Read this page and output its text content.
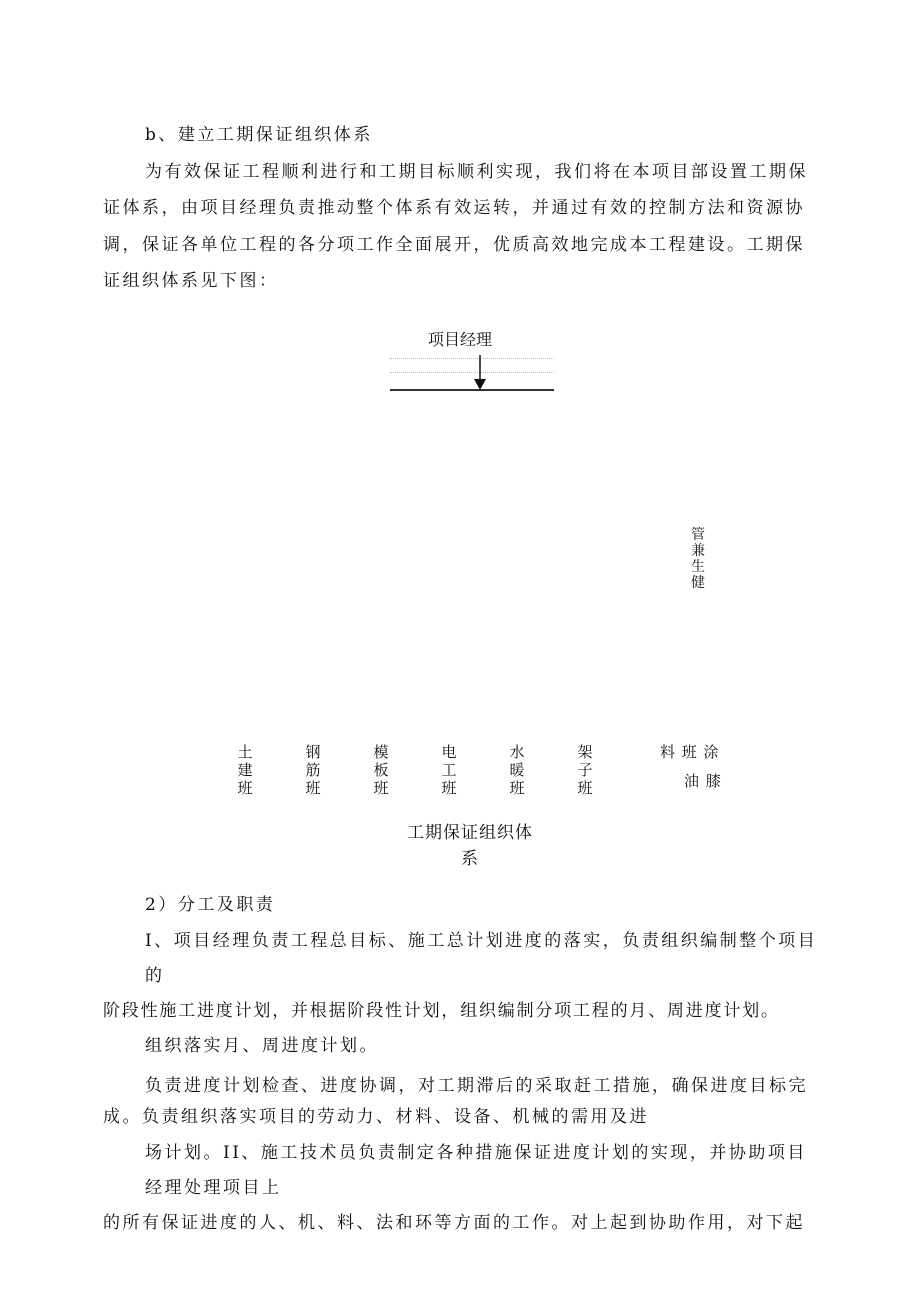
b、建立工期保证组织体系
为有效保证工程顺利进行和工期目标顺利实现，我们将在本项目部设置工期保
证体系，由项目经理负责推动整个体系有效运转，并通过有效的控制方法和资源协
调，保证各单位工程的各分项工作全面展开，优质高效地完成本工程建设。工期保
证组织体系见下图：
项目经理
管
兼
生
健
土
建
班
钢
筋
班
模
板
班
电
工
班
水
暖
班
架
子
班
料 班 涂
油 膝
工期保证组织体
系
2）分工及职责
I、项目经理负责工程总目标、施工总计划进度的落实，负责组织编制整个项目
的
阶段性施工进度计划，并根据阶段性计划，组织编制分项工程的月、周进度计划。
组织落实月、周进度计划。
负责进度计划检查、进度协调，对工期滞后的采取赶工措施，确保进度目标完
成。负责组织落实项目的劳动力、材料、设备、机械的需用及进
场计划。II、施工技术员负责制定各种措施保证进度计划的实现，并协助项目
经理处理项目上
的所有保证进度的人、机、料、法和环等方面的工作。对上起到协助作用，对下起
